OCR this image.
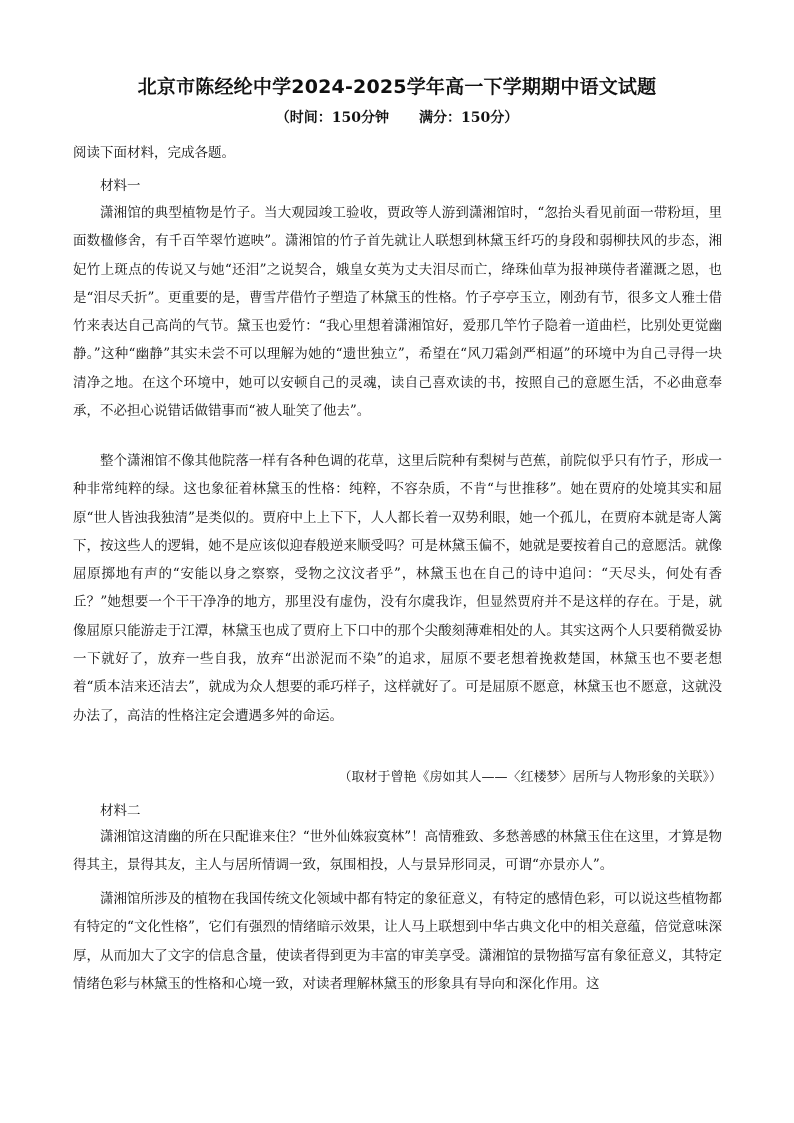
北京市陈经纶中学2024-2025学年高一下学期期中语文试题

（时间：150分钟 满分：150分）

阅读下面材料，完成各题。

材料一

潇湘馆的典型植物是竹子。当大观园竣工验收，贾政等人游到潇湘馆时，“忽抬头看见前面一带粉垣，里面数楹修舍，有千百竿翠竹遮映”。潇湘馆的竹子首先就让人联想到林黛玉纤巧的身段和弱柳扶风的步态，湘妃竹上斑点的传说又与她“还泪”之说契合，娥皇女英为丈夫泪尽而亡，绛珠仙草为报神瑛侍者灌溉之恩，也是“泪尽夭折”。更重要的是，曹雪芹借竹子塑造了林黛玉的性格。竹子亭亭玉立，刚劲有节，很多文人雅士借竹来表达自己高尚的气节。黛玉也爱竹：“我心里想着潇湘馆好，爱那几竿竹子隐着一道曲栏，比别处更觉幽静。”这种“幽静”其实未尝不可以理解为她的“遗世独立”，希望在“风刀霜剑严相逼”的环境中为自己寻得一块清净之地。在这个环境中，她可以安顿自己的灵魂，读自己喜欢读的书，按照自己的意愿生活，不必曲意奉承，不必担心说错话做错事而“被人耻笑了他去”。

整个潇湘馆不像其他院落一样有各种色调的花草，这里后院种有梨树与芭蕉，前院似乎只有竹子，形成一种非常纯粹的绿。这也象征着林黛玉的性格：纯粹，不容杂质，不肯“与世推移”。她在贾府的处境其实和屈原“世人皆浊我独清”是类似的。贾府中上上下下，人人都长着一双势利眼，她一个孤儿，在贾府本就是寄人篱下，按这些人的逻辑，她不是应该似迎春般逆来顺受吗？可是林黛玉偏不，她就是要按着自己的意愿活。就像屈原掷地有声的“安能以身之察察，受物之汶汶者乎”，林黛玉也在自己的诗中追问：“天尽头，何处有香丘？”她想要一个干干净净的地方，那里没有虚伪，没有尔虞我诈，但显然贾府并不是这样的存在。于是，就像屈原只能游走于江潭，林黛玉也成了贾府上下口中的那个尖酸刻薄难相处的人。其实这两个人只要稍微妥协一下就好了，放弃一些自我，放弃“出淤泥而不染”的追求，屈原不要老想着挽救楚国，林黛玉也不要老想着“质本洁来还洁去”，就成为众人想要的乖巧样子，这样就好了。可是屈原不愿意，林黛玉也不愿意，这就没办法了，高洁的性格注定会遭遇多舛的命运。

（取材于曾艳《房如其人——〈红楼梦〉居所与人物形象的关联》）

材料二

潇湘馆这清幽的所在只配谁来住？“世外仙姝寂寞林”！高情雅致、多愁善感的林黛玉住在这里，才算是物得其主，景得其友，主人与居所情调一致，氛围相投，人与景异形同灵，可谓“亦景亦人”。

潇湘馆所涉及的植物在我国传统文化领域中都有特定的象征意义，有特定的感情色彩，可以说这些植物都有特定的“文化性格”，它们有强烈的情绪暗示效果，让人马上联想到中华古典文化中的相关意蕴，倍觉意味深厚，从而加大了文字的信息含量，使读者得到更为丰富的审美享受。潇湘馆的景物描写富有象征意义，其特定情绪色彩与林黛玉的性格和心境一致，对读者理解林黛玉的形象具有导向和深化作用。这
